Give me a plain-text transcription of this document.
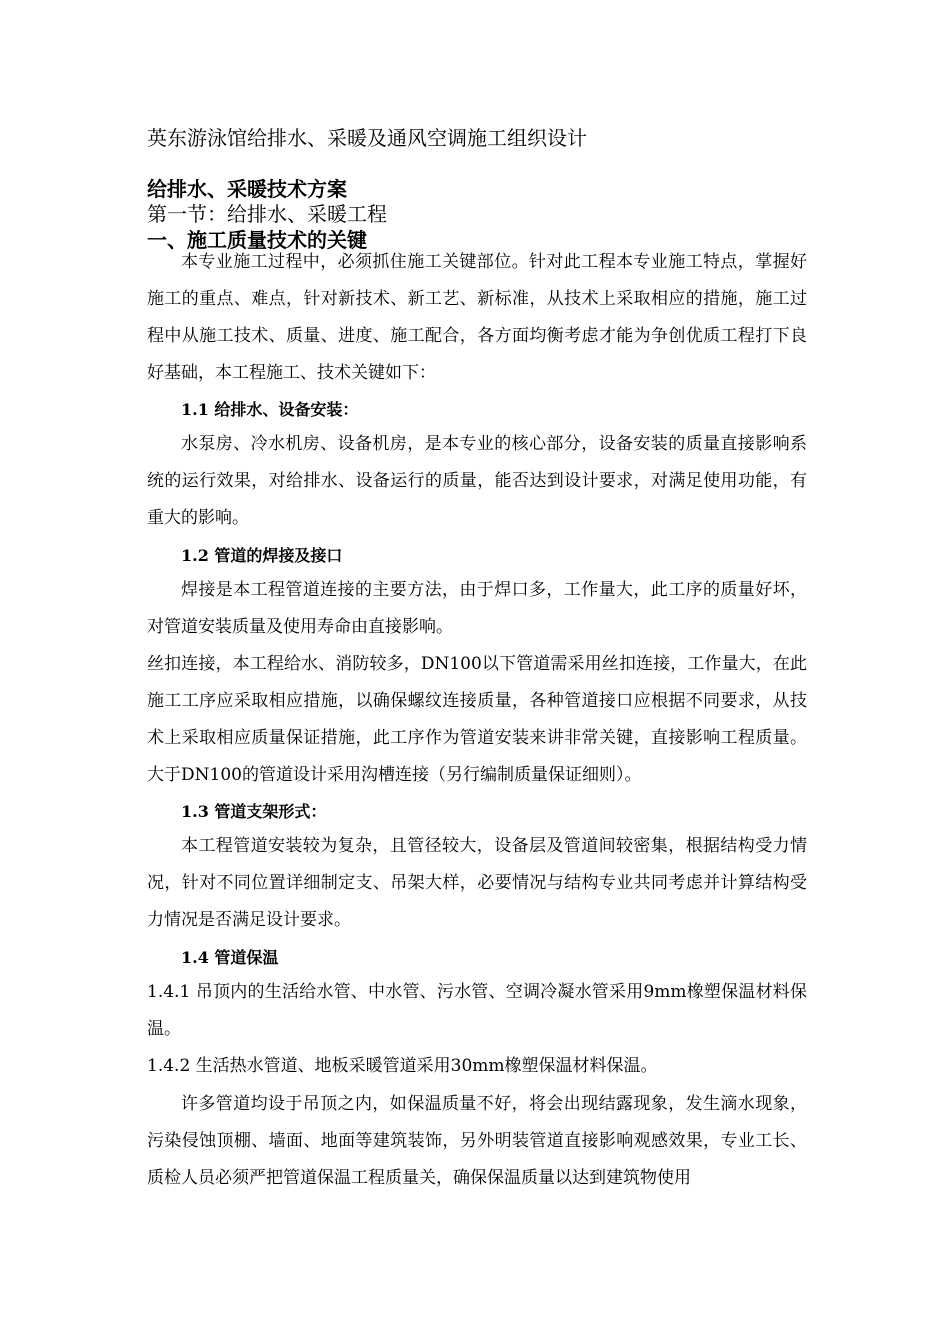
英东游泳馆给排水、采暖及通风空调施工组织设计
给排水、采暖技术方案
第一节：给排水、采暖工程
一、施工质量技术的关键

本专业施工过程中，必须抓住施工关键部位。针对此工程本专业施工特点，掌握好施工的重点、难点，针对新技术、新工艺、新标准，从技术上采取相应的措施，施工过程中从施工技术、质量、进度、施工配合，各方面均衡考虑才能为争创优质工程打下良好基础，本工程施工、技术关键如下：

1.1 给排水、设备安装：

水泵房、冷水机房、设备机房，是本专业的核心部分，设备安装的质量直接影响系统的运行效果，对给排水、设备运行的质量，能否达到设计要求，对满足使用功能，有重大的影响。

1.2 管道的焊接及接口

焊接是本工程管道连接的主要方法，由于焊口多，工作量大，此工序的质量好坏，对管道安装质量及使用寿命由直接影响。

丝扣连接，本工程给水、消防较多，DN100以下管道需采用丝扣连接，工作量大，在此施工工序应采取相应措施，以确保螺纹连接质量，各种管道接口应根据不同要求，从技术上采取相应质量保证措施，此工序作为管道安装来讲非常关键，直接影响工程质量。大于DN100的管道设计采用沟槽连接（另行编制质量保证细则）。

1.3 管道支架形式：

本工程管道安装较为复杂，且管径较大，设备层及管道间较密集，根据结构受力情况，针对不同位置详细制定支、吊架大样，必要情况与结构专业共同考虑并计算结构受力情况是否满足设计要求。

1.4 管道保温

1.4.1 吊顶内的生活给水管、中水管、污水管、空调冷凝水管采用9mm橡塑保温材料保温。

1.4.2 生活热水管道、地板采暖管道采用30mm橡塑保温材料保温。

许多管道均设于吊顶之内，如保温质量不好，将会出现结露现象，发生滴水现象，污染侵蚀顶棚、墙面、地面等建筑装饰，另外明装管道直接影响观感效果，专业工长、质检人员必须严把管道保温工程质量关，确保保温质量以达到建筑物使用
